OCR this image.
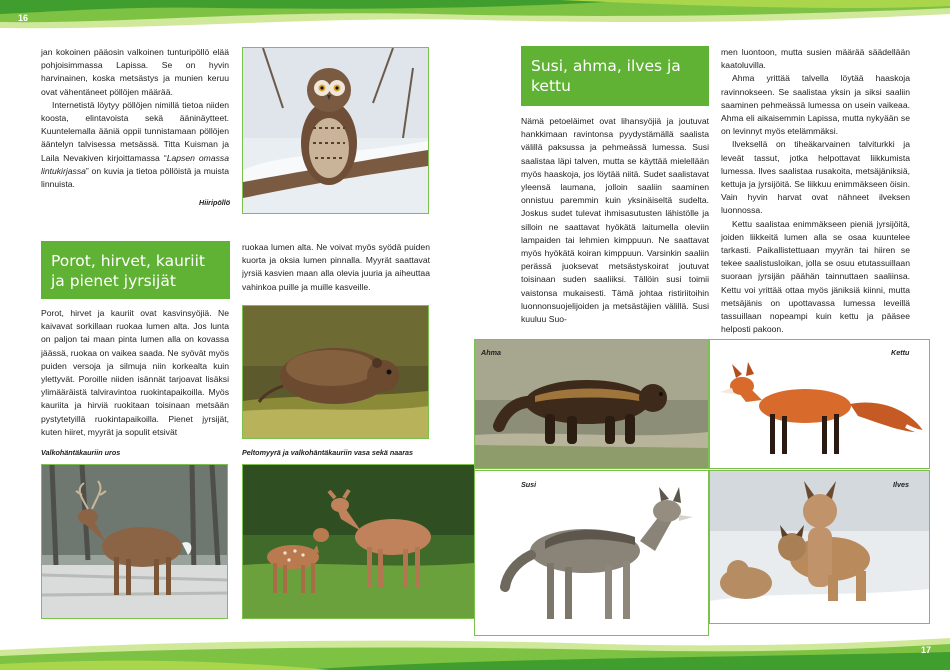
16
17

jan kokoinen pääosin valkoinen tunturipöllö elää pohjoisimmassa Lapissa. Se on hyvin harvinainen, koska metsästys ja munien keruu ovat vähentäneet pöllöjen määrää.

Internetistä löytyy pöllöjen nimillä tietoa niiden koosta, elintavoista sekä ääninäytteet. Kuuntelemalla ääniä oppii tunnistamaan pöllöjen ääntelyn talvisessa metsässä. Titta Kuisman ja Laila Nevakiven kirjoittamassa “Lapsen omassa lintukirjassa” on kuvia ja tietoa pöllöistä ja muista linnuista.

Hiiripöllö
Porot, hirvet, kauriit ja pienet jyrsijät
Porot, hirvet ja kauriit ovat kasvinsyöjiä. Ne kaivavat sorkillaan ruokaa lumen alta. Jos lunta on paljon tai maan pinta lumen alla on kovassa jäässä, ruokaa on vaikea saada. Ne syövät myös puiden versoja ja silmuja niin korkealta kuin ylettyvät. Poroille niiden isännät tarjoavat lisäksi ylimääräistä talviravintoa ruokintapaikoilla. Myös kauriita ja hirviä ruokitaan toisinaan metsään pystytetyillä ruokintapaikoilla. Pienet jyrsijät, kuten hiiret, myyrät ja sopulit etsivät
ruokaa lumen alta. Ne voivat myös syödä puiden kuorta ja oksia lumen pinnalla. Myyrät saattavat jyrsiä kasvien maan alla olevia juuria ja aiheuttaa vahinkoa puille ja muille kasveille.
Peltomyyrä ja valkohäntäkauriin vasa sekä naaras
Valkohäntäkauriin uros
Susi, ahma, ilves ja kettu
Nämä petoeläimet ovat lihansyöjiä ja joutuvat hankkimaan ravintonsa pyydystämällä saalista välillä paksussa ja pehmeässä lumessa. Susi saalistaa läpi talven, mutta se käyttää mielellään myös haaskoja, jos löytää niitä. Sudet saalistavat yleensä laumana, jolloin saaliin saaminen onnistuu paremmin kuin yksinäiseltä sudelta. Joskus sudet tulevat ihmisasutusten lähistölle ja silloin ne saattavat hyökätä laitumella oleviin lampaiden tai lehmien kimppuun. Ne saattavat myös hyökätä koiran kimppuun. Varsinkin saaliin perässä juoksevat metsästyskoirat joutuvat toisinaan suden saaliiksi. Tällöin susi toimii vaistonsa mukaisesti. Tämä johtaa ristiriitoihin luonnonsuojelijoiden ja metsästäjien välillä. Susi kuuluu Suo-

men luontoon, mutta susien määrää säädellään kaatoluvilla.

Ahma yrittää talvella löytää haaskoja ravinnokseen. Se saalistaa yksin ja siksi saaliin saaminen pehmeässä lumessa on usein vaikeaa. Ahma eli aikaisemmin Lapissa, mutta nykyään se on levinnyt myös etelämmäksi.

Ilveksellä on tiheäkarvainen talviturkki ja leveät tassut, jotka helpottavat liikkumista lumessa. Ilves saalistaa rusakoita, metsäjäniksiä, kettuja ja jyrsijöitä. Se liikkuu enimmäkseen öisin. Vain hyvin harvat ovat nähneet ilveksen luonnossa.

Kettu saalistaa enimmäkseen pieniä jyrsijöitä, joiden liikkeitä lumen alla se osaa kuuntelee tarkasti. Paikallistettuaan myyrän tai hiiren se tekee saalistusloikan, jolla se osuu etutassuillaan suoraan jyrsijän päähän tainnuttaen saaliinsa. Kettu voi yrittää ottaa myös jäniksiä kiinni, mutta metsäjänis on upottavassa lumessa leveillä tassuillaan nopeampi kuin kettu ja pääsee helposti pakoon.

Ahma	Kettu
Susi	Ilves
